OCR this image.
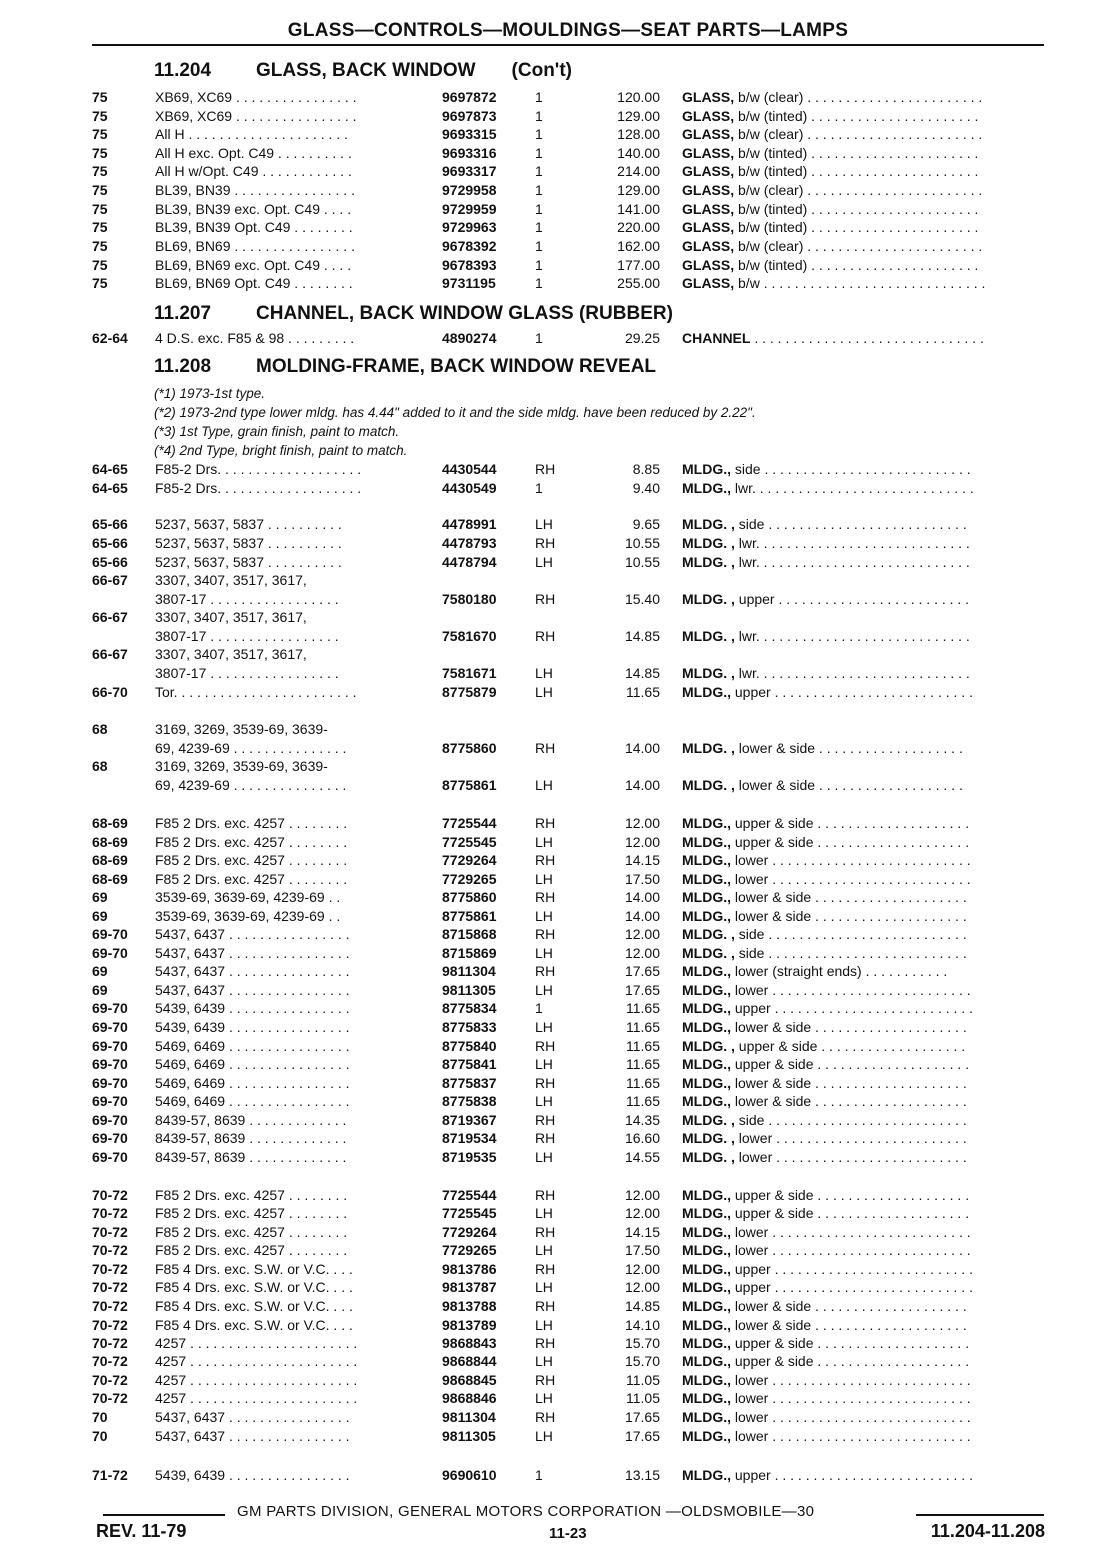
GLASS—CONTROLS—MOULDINGS—SEAT PARTS—LAMPS
11.204 GLASS, BACK WINDOW (Con't)
75	XB69, XC69 . . . . . . . . . . . . . . . .	9697872	1	120.00 GLASS, b/w (clear) . . . . . . . . . . . . . . . . . . . . . . .
75	XB69, XC69 . . . . . . . . . . . . . . . .	9697873	1	129.00 GLASS, b/w (tinted) . . . . . . . . . . . . . . . . . . . . . .
75	All H . . . . . . . . . . . . . . . . . . . . .	9693315	1	128.00 GLASS, b/w (clear) . . . . . . . . . . . . . . . . . . . . . . .
75	All H exc. Opt. C49 . . . . . . . . . .	9693316	1	140.00 GLASS, b/w (tinted) . . . . . . . . . . . . . . . . . . . . . .
75	All H w/Opt. C49 . . . . . . . . . . . .	9693317	1	214.00 GLASS, b/w (tinted) . . . . . . . . . . . . . . . . . . . . . .
75	BL39, BN39 . . . . . . . . . . . . . . . .	9729958	1	129.00 GLASS, b/w (clear) . . . . . . . . . . . . . . . . . . . . . . .
75	BL39, BN39 exc. Opt. C49 . . . .	9729959	1	141.00 GLASS, b/w (tinted) . . . . . . . . . . . . . . . . . . . . . .
75	BL39, BN39 Opt. C49 . . . . . . . .	9729963	1	220.00 GLASS, b/w (tinted) . . . . . . . . . . . . . . . . . . . . . .
75	BL69, BN69 . . . . . . . . . . . . . . . .	9678392	1	162.00 GLASS, b/w (clear) . . . . . . . . . . . . . . . . . . . . . . .
75	BL69, BN69 exc. Opt. C49 . . . .	9678393	1	177.00 GLASS, b/w (tinted) . . . . . . . . . . . . . . . . . . . . . .
75	BL69, BN69 Opt. C49 . . . . . . . .	9731195	1	255.00 GLASS, b/w . . . . . . . . . . . . . . . . . . . . . . . . . . . . .
11.207 CHANNEL, BACK WINDOW GLASS (RUBBER)
62-64	4 D.S. exc. F85 & 98 . . . . . . . . .	4890274	1	29.25 CHANNEL . . . . . . . . . . . . . . . . . . . . . . . . . . . . . .
11.208 MOLDING-FRAME, BACK WINDOW REVEAL
(*1) 1973-1st type.
(*2) 1973-2nd type lower mldg. has 4.44" added to it and the side mldg. have been reduced by 2.22".
(*3) 1st Type, grain finish, paint to match.
(*4) 2nd Type, bright finish, paint to match.
64-65	F85-2 Drs. . . . . . . . . . . . . . . . . . .	4430544	RH	8.85 MLDG., side . . . . . . . . . . . . . . . . . . . . . . . . . . .
64-65	F85-2 Drs. . . . . . . . . . . . . . . . . . .	4430549	1	9.40 MLDG., lwr. . . . . . . . . . . . . . . . . . . . . . . . . . . . .
65-66	5237, 5637, 5837 . . . . . . . . . .	4478991	LH	9.65 MLDG. , side . . . . . . . . . . . . . . . . . . . . . . . . . .
65-66	5237, 5637, 5837 . . . . . . . . . .	4478793	RH	10.55 MLDG. , lwr. . . . . . . . . . . . . . . . . . . . . . . . . . . .
65-66	5237, 5637, 5837 . . . . . . . . . .	4478794	LH	10.55 MLDG. , lwr. . . . . . . . . . . . . . . . . . . . . . . . . . . .
66-67	3307, 3407, 3517, 3617,
3807-17 . . . . . . . . . . . . . . . . .	7580180	RH	15.40 MLDG. , upper . . . . . . . . . . . . . . . . . . . . . . . . .
66-67	3307, 3407, 3517, 3617,
3807-17 . . . . . . . . . . . . . . . . .	7581670	RH	14.85 MLDG. , lwr. . . . . . . . . . . . . . . . . . . . . . . . . . . .
66-67	3307, 3407, 3517, 3617,
3807-17 . . . . . . . . . . . . . . . . .	7581671	LH	14.85 MLDG. , lwr. . . . . . . . . . . . . . . . . . . . . . . . . . . .
66-70	Tor. . . . . . . . . . . . . . . . . . . . . . . .	8775879	LH	11.65 MLDG., upper . . . . . . . . . . . . . . . . . . . . . . . . . .
68	3169, 3269, 3539-69, 3639-
69, 4239-69 . . . . . . . . . . . . . . .	8775860	RH	14.00 MLDG. , lower & side . . . . . . . . . . . . . . . . . . .
68	3169, 3269, 3539-69, 3639-
69, 4239-69 . . . . . . . . . . . . . . .	8775861	LH	14.00 MLDG. , lower & side . . . . . . . . . . . . . . . . . . .
68-69	F85 2 Drs. exc. 4257 . . . . . . . .	7725544	RH	12.00 MLDG., upper & side . . . . . . . . . . . . . . . . . . . .
68-69	F85 2 Drs. exc. 4257 . . . . . . . .	7725545	LH	12.00 MLDG., upper & side . . . . . . . . . . . . . . . . . . . .
68-69	F85 2 Drs. exc. 4257 . . . . . . . .	7729264	RH	14.15 MLDG., lower . . . . . . . . . . . . . . . . . . . . . . . . . .
68-69	F85 2 Drs. exc. 4257 . . . . . . . .	7729265	LH	17.50 MLDG., lower . . . . . . . . . . . . . . . . . . . . . . . . . .
69	3539-69, 3639-69, 4239-69 . .	8775860	RH	14.00 MLDG., lower & side . . . . . . . . . . . . . . . . . . . .
69	3539-69, 3639-69, 4239-69 . .	8775861	LH	14.00 MLDG., lower & side . . . . . . . . . . . . . . . . . . . .
69-70	5437, 6437 . . . . . . . . . . . . . . . .	8715868	RH	12.00 MLDG. , side . . . . . . . . . . . . . . . . . . . . . . . . . .
69-70	5437, 6437 . . . . . . . . . . . . . . . .	8715869	LH	12.00 MLDG. , side . . . . . . . . . . . . . . . . . . . . . . . . . .
69	5437, 6437 . . . . . . . . . . . . . . . .	9811304	RH	17.65 MLDG., lower (straight ends) . . . . . . . . . . .
69	5437, 6437 . . . . . . . . . . . . . . . .	9811305	LH	17.65 MLDG., lower . . . . . . . . . . . . . . . . . . . . . . . . . .
69-70	5439, 6439 . . . . . . . . . . . . . . . .	8775834	1	11.65 MLDG., upper . . . . . . . . . . . . . . . . . . . . . . . . . .
69-70	5439, 6439 . . . . . . . . . . . . . . . .	8775833	LH	11.65 MLDG., lower & side . . . . . . . . . . . . . . . . . . . .
69-70	5469, 6469 . . . . . . . . . . . . . . . .	8775840	RH	11.65 MLDG. , upper & side . . . . . . . . . . . . . . . . . . .
69-70	5469, 6469 . . . . . . . . . . . . . . . .	8775841	LH	11.65 MLDG., upper & side . . . . . . . . . . . . . . . . . . . .
69-70	5469, 6469 . . . . . . . . . . . . . . . .	8775837	RH	11.65 MLDG., lower & side . . . . . . . . . . . . . . . . . . . .
69-70	5469, 6469 . . . . . . . . . . . . . . . .	8775838	LH	11.65 MLDG., lower & side . . . . . . . . . . . . . . . . . . . .
69-70	8439-57, 8639 . . . . . . . . . . . . .	8719367	RH	14.35 MLDG. , side . . . . . . . . . . . . . . . . . . . . . . . . . .
69-70	8439-57, 8639 . . . . . . . . . . . . .	8719534	RH	16.60 MLDG. , lower . . . . . . . . . . . . . . . . . . . . . . . . .
69-70	8439-57, 8639 . . . . . . . . . . . . .	8719535	LH	14.55 MLDG. , lower . . . . . . . . . . . . . . . . . . . . . . . . .
70-72	F85 2 Drs. exc. 4257 . . . . . . . .	7725544	RH	12.00 MLDG., upper & side . . . . . . . . . . . . . . . . . . . .
70-72	F85 2 Drs. exc. 4257 . . . . . . . .	7725545	LH	12.00 MLDG., upper & side . . . . . . . . . . . . . . . . . . . .
70-72	F85 2 Drs. exc. 4257 . . . . . . . .	7729264	RH	14.15 MLDG., lower . . . . . . . . . . . . . . . . . . . . . . . . . .
70-72	F85 2 Drs. exc. 4257 . . . . . . . .	7729265	LH	17.50 MLDG., lower . . . . . . . . . . . . . . . . . . . . . . . . . .
70-72	F85 4 Drs. exc. S.W. or V.C. . . .	9813786	RH	12.00 MLDG., upper . . . . . . . . . . . . . . . . . . . . . . . . . .
70-72	F85 4 Drs. exc. S.W. or V.C. . . .	9813787	LH	12.00 MLDG., upper . . . . . . . . . . . . . . . . . . . . . . . . . .
70-72	F85 4 Drs. exc. S.W. or V.C. . . .	9813788	RH	14.85 MLDG., lower & side . . . . . . . . . . . . . . . . . . . .
70-72	F85 4 Drs. exc. S.W. or V.C. . . .	9813789	LH	14.10 MLDG., lower & side . . . . . . . . . . . . . . . . . . . .
70-72	4257 . . . . . . . . . . . . . . . . . . . . . .	9868843	RH	15.70 MLDG., upper & side . . . . . . . . . . . . . . . . . . . .
70-72	4257 . . . . . . . . . . . . . . . . . . . . . .	9868844	LH	15.70 MLDG., upper & side . . . . . . . . . . . . . . . . . . . .
70-72	4257 . . . . . . . . . . . . . . . . . . . . . .	9868845	RH	11.05 MLDG., lower . . . . . . . . . . . . . . . . . . . . . . . . . .
70-72	4257 . . . . . . . . . . . . . . . . . . . . . .	9868846	LH	11.05 MLDG., lower . . . . . . . . . . . . . . . . . . . . . . . . . .
70	5437, 6437 . . . . . . . . . . . . . . . .	9811304	RH	17.65 MLDG., lower . . . . . . . . . . . . . . . . . . . . . . . . . .
70	5437, 6437 . . . . . . . . . . . . . . . .	9811305	LH	17.65 MLDG., lower . . . . . . . . . . . . . . . . . . . . . . . . . .
71-72	5439, 6439 . . . . . . . . . . . . . . . .	9690610	1	13.15 MLDG., upper . . . . . . . . . . . . . . . . . . . . . . . . . .
GM PARTS DIVISION, GENERAL MOTORS CORPORATION —OLDSMOBILE—30
REV. 11-79	11-23	11.204-11.208
